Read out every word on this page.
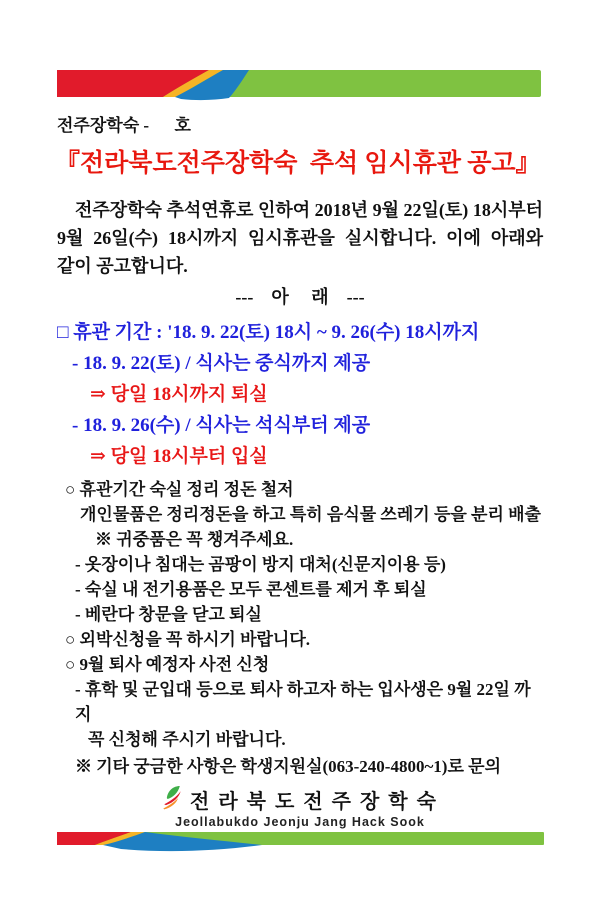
전주장학숙 -      호
『전라북도전주장학숙  추석 임시휴관 공고』
전주장학숙 추석연휴로 인하여 2018년 9월 22일(토) 18시부터
9월 26일(수) 18시까지 임시휴관을 실시합니다. 이에 아래와
같이 공고합니다.
---    아     래    ---
□ 휴관 기간 : '18. 9. 22(토) 18시 ~ 9. 26(수) 18시까지
- 18. 9. 22(토) / 식사는 중식까지 제공
⇒ 당일 18시까지 퇴실
- 18. 9. 26(수) / 식사는 석식부터 제공
⇒ 당일 18시부터 입실
○ 휴관기간 숙실 정리 정돈 철저
개인물품은 정리정돈을 하고 특히 음식물 쓰레기 등을 분리 배출
※ 귀중품은 꼭 챙겨주세요.
- 옷장이나 침대는 곰팡이 방지 대처(신문지이용 등)
- 숙실 내 전기용품은 모두 콘센트를 제거 후 퇴실
- 베란다 창문을 닫고 퇴실
○ 외박신청을 꼭 하시기 바랍니다.
○ 9월 퇴사 예정자 사전 신청
- 휴학 및 군입대 등으로 퇴사 하고자 하는 입사생은 9월 22일 까지
꼭 신청해 주시기 바랍니다.
※ 기타 궁금한 사항은 학생지원실(063-240-4800~1)로 문의
전 라 북 도 전 주 장 학 숙
Jeollabukdo Jeonju Jang Hack Sook
